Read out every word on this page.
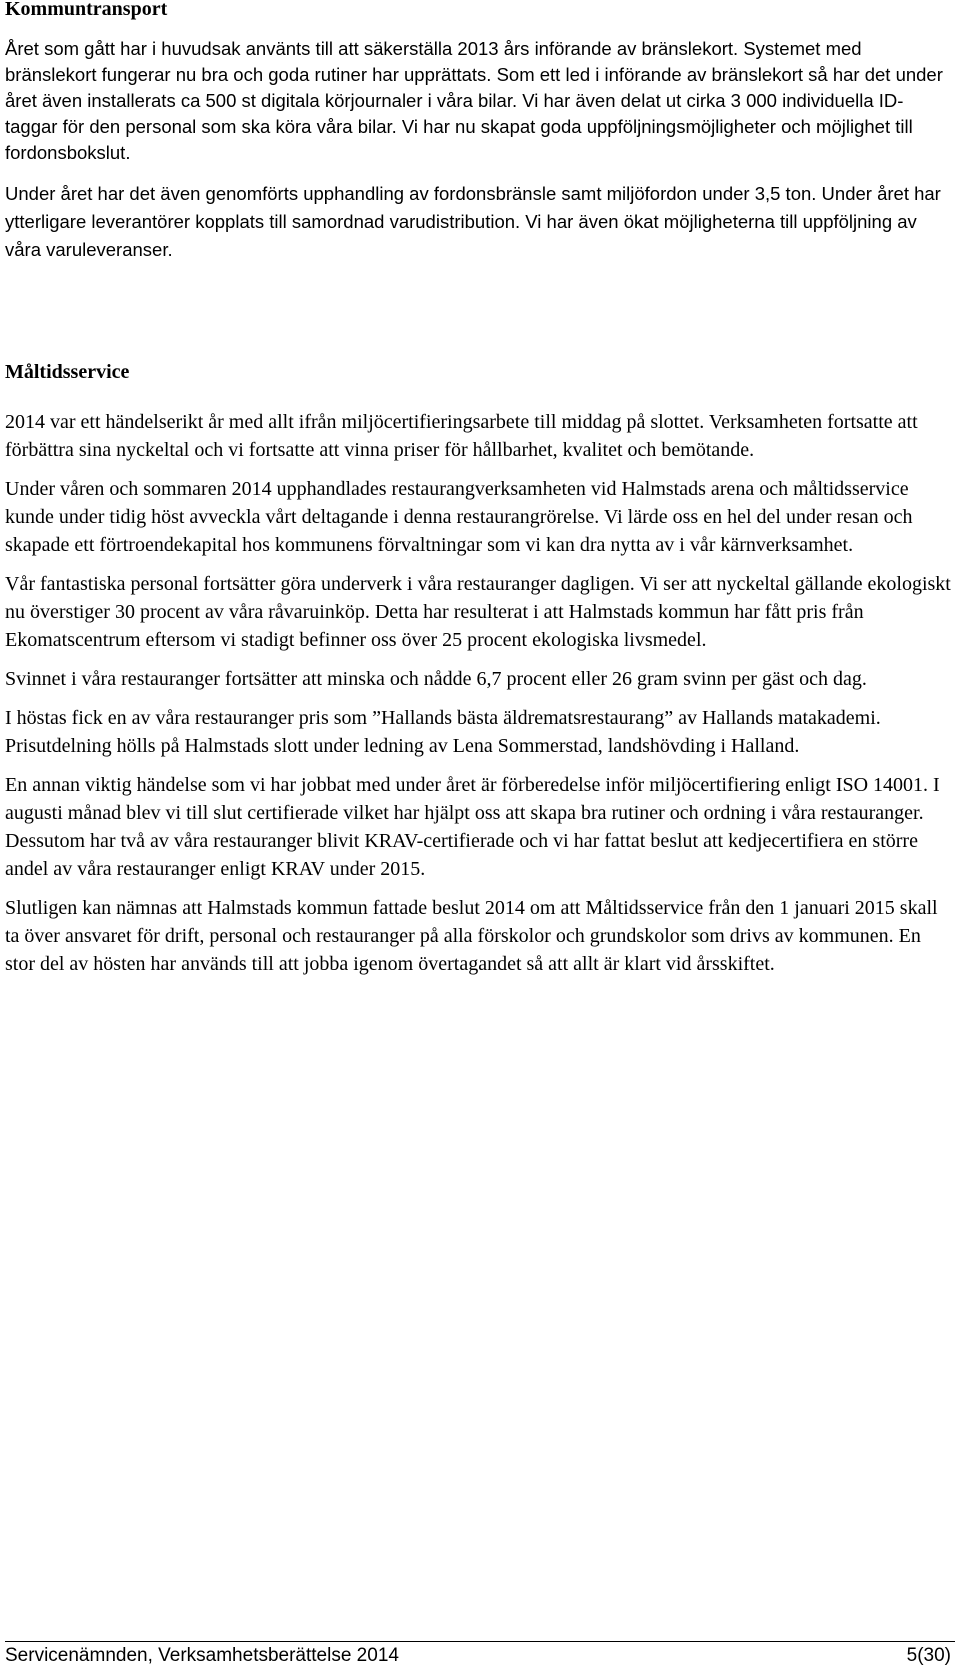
Kommuntransport

Året som gått har i huvudsak använts till att säkerställa 2013 års införande av bränslekort. Systemet med bränslekort fungerar nu bra och goda rutiner har upprättats. Som ett led i införande av bränslekort så har det under året även installerats ca 500 st digitala körjournaler i våra bilar. Vi har även delat ut cirka 3 000 individuella ID-taggar för den personal som ska köra våra bilar. Vi har nu skapat goda uppföljningsmöjligheter och möjlighet till fordonsbokslut.

Under året har det även genomförts upphandling av fordonsbränsle samt miljöfordon under 3,5 ton. Under året har ytterligare leverantörer kopplats till samordnad varudistribution. Vi har även ökat möjligheterna till uppföljning av våra varuleveranser.

Måltidsservice

2014 var ett händelserikt år med allt ifrån miljöcertifieringsarbete till middag på slottet. Verksamheten fortsatte att förbättra sina nyckeltal och vi fortsatte att vinna priser för hållbarhet, kvalitet och bemötande.

Under våren och sommaren 2014 upphandlades restaurangverksamheten vid Halmstads arena och måltidsservice kunde under tidig höst avveckla vårt deltagande i denna restaurangrörelse. Vi lärde oss en hel del under resan och skapade ett förtroendekapital hos kommunens förvaltningar som vi kan dra nytta av i vår kärnverksamhet.

Vår fantastiska personal fortsätter göra underverk i våra restauranger dagligen. Vi ser att nyckeltal gällande ekologiskt nu överstiger 30 procent av våra råvaruinköp. Detta har resulterat i att Halmstads kommun har fått pris från Ekomatscentrum eftersom vi stadigt befinner oss över 25 procent ekologiska livsmedel.

Svinnet i våra restauranger fortsätter att minska och nådde 6,7 procent eller 26 gram svinn per gäst och dag.

I höstas fick en av våra restauranger pris som ”Hallands bästa äldrematsrestaurang” av Hallands matakademi. Prisutdelning hölls på Halmstads slott under ledning av Lena Sommerstad, landshövding i Halland.

En annan viktig händelse som vi har jobbat med under året är förberedelse inför miljöcertifiering enligt ISO 14001. I augusti månad blev vi till slut certifierade vilket har hjälpt oss att skapa bra rutiner och ordning i våra restauranger. Dessutom har två av våra restauranger blivit KRAV-certifierade och vi har fattat beslut att kedjecertifiera en större andel av våra restauranger enligt KRAV under 2015.

Slutligen kan nämnas att Halmstads kommun fattade beslut 2014 om att Måltidsservice från den 1 januari 2015 skall ta över ansvaret för drift, personal och restauranger på alla förskolor och grundskolor som drivs av kommunen. En stor del av hösten har används till att jobba igenom övertagandet så att allt är klart vid årsskiftet.

Servicenämnden, Verksamhetsberättelse 2014	5(30)
